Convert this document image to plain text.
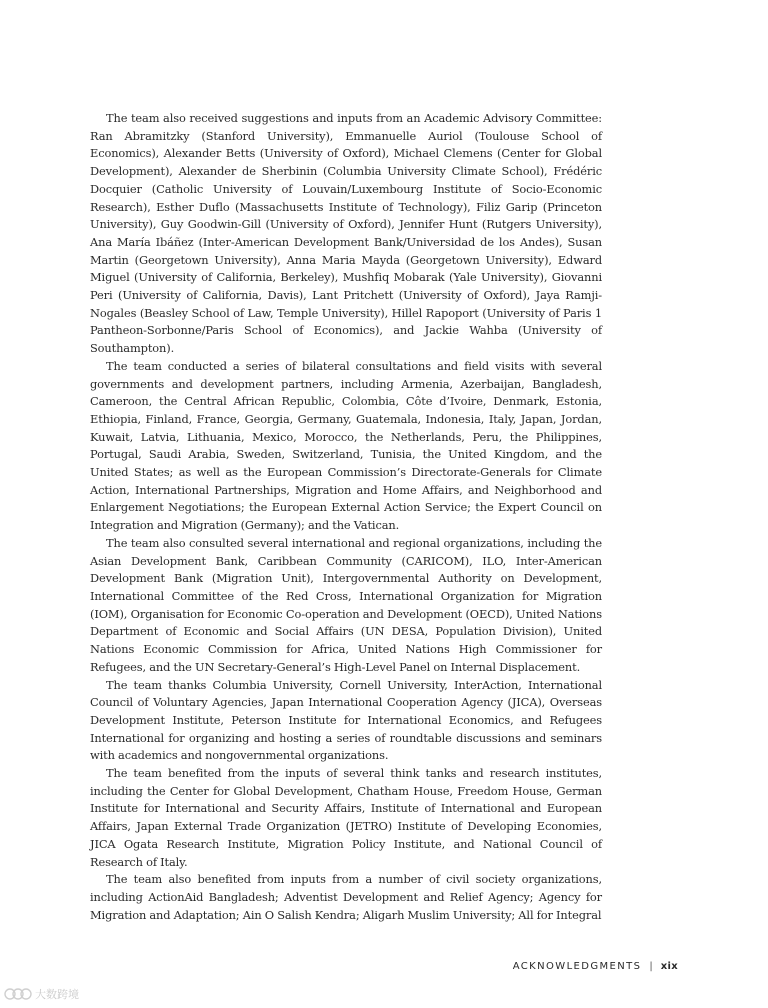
The team also received suggestions and inputs from an Academic Advisory Committee: Ran Abramitzky (Stanford University), Emmanuelle Auriol (Toulouse School of Economics), Alexander Betts (University of Oxford), Michael Clemens (Center for Global Development), Alexander de Sherbinin (Columbia University Climate School), Frédéric Docquier (Catholic University of Louvain/Luxembourg Institute of Socio-Economic Research), Esther Duflo (Massachusetts Institute of Technology), Filiz Garip (Princeton University), Guy Goodwin-Gill (University of Oxford), Jennifer Hunt (Rutgers University), Ana María Ibáñez (Inter-American Development Bank/Universidad de los Andes), Susan Martin (Georgetown University), Anna Maria Mayda (Georgetown University), Edward Miguel (University of California, Berkeley), Mushfiq Mobarak (Yale University), Giovanni Peri (University of California, Davis), Lant Pritchett (University of Oxford), Jaya Ramji-Nogales (Beasley School of Law, Temple University), Hillel Rapoport (University of Paris 1 Pantheon-Sorbonne/Paris School of Economics), and Jackie Wahba (University of Southampton).

The team conducted a series of bilateral consultations and field visits with several governments and development partners, including Armenia, Azerbaijan, Bangladesh, Cameroon, the Central African Republic, Colombia, Côte d’Ivoire, Denmark, Estonia, Ethiopia, Finland, France, Georgia, Germany, Guatemala, Indonesia, Italy, Japan, Jordan, Kuwait, Latvia, Lithuania, Mexico, Morocco, the Netherlands, Peru, the Philippines, Portugal, Saudi Arabia, Sweden, Switzerland, Tunisia, the United Kingdom, and the United States; as well as the European Commission’s Directorate-Generals for Climate Action, International Partnerships, Migration and Home Affairs, and Neighborhood and Enlargement Negotiations; the European External Action Service; the Expert Council on Integration and Migration (Germany); and the Vatican.

The team also consulted several international and regional organizations, including the Asian Development Bank, Caribbean Community (CARICOM), ILO, Inter-American Development Bank (Migration Unit), Intergovernmental Authority on Development, International Committee of the Red Cross, International Organization for Migration (IOM), Organisation for Economic Co-operation and Development (OECD), United Nations Department of Economic and Social Affairs (UN DESA, Population Division), United Nations Economic Commission for Africa, United Nations High Commissioner for Refugees, and the UN Secretary-General’s High-Level Panel on Internal Displacement.

The team thanks Columbia University, Cornell University, InterAction, International Council of Voluntary Agencies, Japan International Cooperation Agency (JICA), Overseas Development Institute, Peterson Institute for International Economics, and Refugees International for organizing and hosting a series of roundtable discussions and seminars with academics and nongovernmental organizations.

The team benefited from the inputs of several think tanks and research institutes, including the Center for Global Development, Chatham House, Freedom House, German Institute for International and Security Affairs, Institute of International and European Affairs, Japan External Trade Organization (JETRO) Institute of Developing Economies, JICA Ogata Research Institute, Migration Policy Institute, and National Council of Research of Italy.

The team also benefited from inputs from a number of civil society organizations, including ActionAid Bangladesh; Adventist Development and Relief Agency; Agency for Migration and Adaptation; Ain O Salish Kendra; Aligarh Muslim University; All for Integral

ACKNOWLEDGMENTS | xix
大数跨境
